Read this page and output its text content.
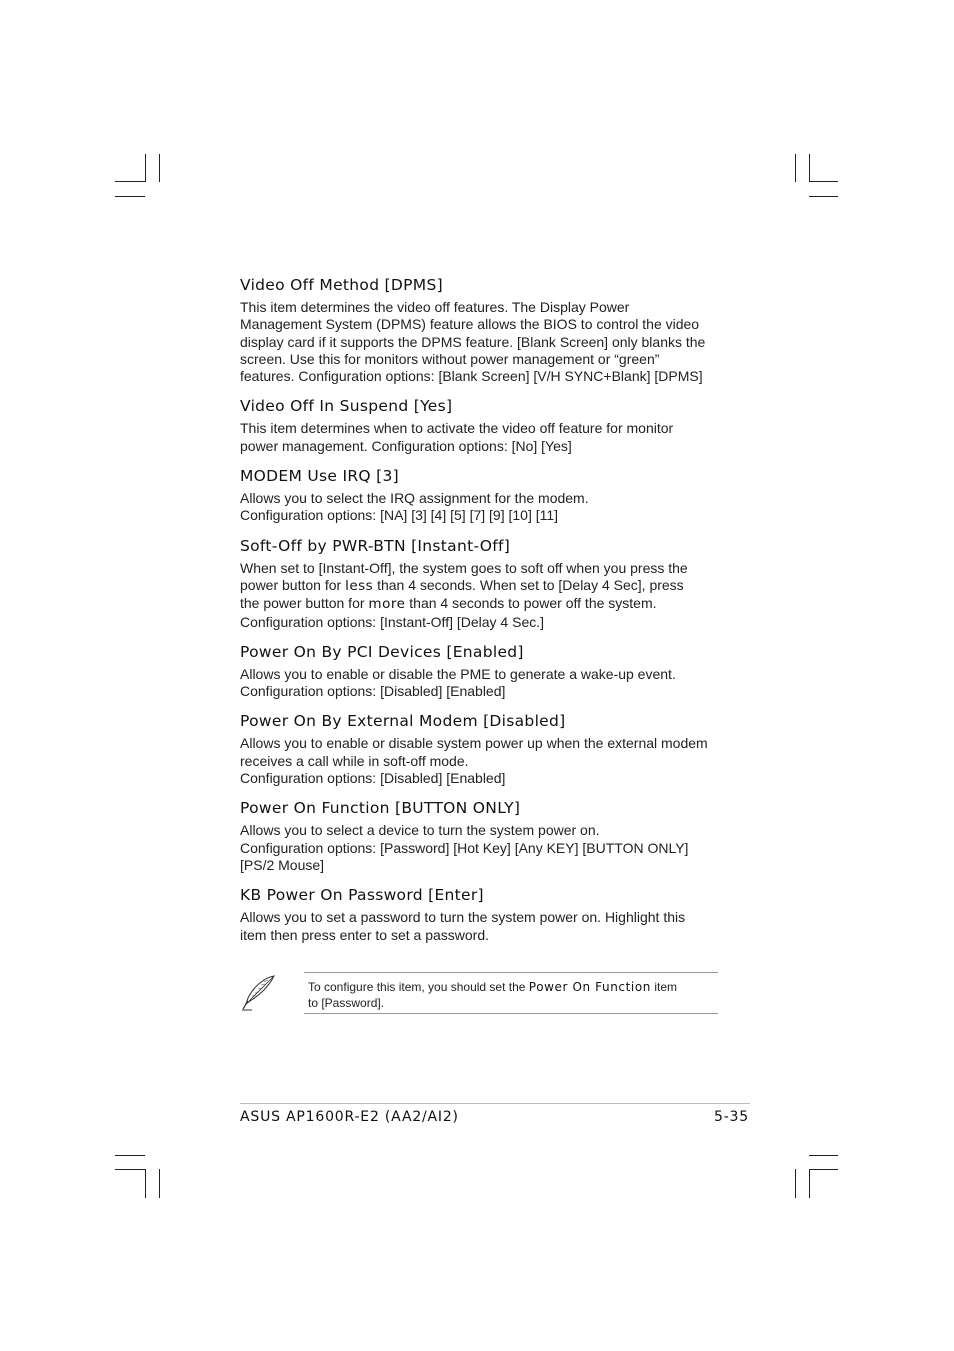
Video Off Method [DPMS]

This item determines the video off features. The Display Power
Management System (DPMS) feature allows the BIOS to control the video
display card if it supports the DPMS feature. [Blank Screen] only blanks the
screen. Use this for monitors without power management or “green”
features. Configuration options: [Blank Screen] [V/H SYNC+Blank] [DPMS]

Video Off In Suspend [Yes]

This item determines when to activate the video off feature for monitor
power management. Configuration options: [No] [Yes]

MODEM Use IRQ [3]

Allows you to select the IRQ assignment for the modem.
Configuration options: [NA] [3] [4] [5] [7] [9] [10] [11]

Soft-Off by PWR-BTN [Instant-Off]

When set to [Instant-Off], the system goes to soft off when you press the
power button for less than 4 seconds. When set to [Delay 4 Sec], press
the power button for more than 4 seconds to power off the system.
Configuration options: [Instant-Off] [Delay 4 Sec.]

Power On By PCI Devices [Enabled]

Allows you to enable or disable the PME to generate a wake-up event.
Configuration options: [Disabled] [Enabled]

Power On By External Modem [Disabled]

Allows you to enable or disable system power up when the external modem
receives a call while in soft-off mode.
Configuration options: [Disabled] [Enabled]

Power On Function [BUTTON ONLY]

Allows you to select a device to turn the system power on.
Configuration options: [Password] [Hot Key] [Any KEY] [BUTTON ONLY]
[PS/2 Mouse]

KB Power On Password [Enter]

Allows you to set a password to turn the system power on. Highlight this
item then press enter to set a password.

To configure this item, you should set the Power On Function item
to [Password].
ASUS AP1600R-E2 (AA2/AI2)	5-35
